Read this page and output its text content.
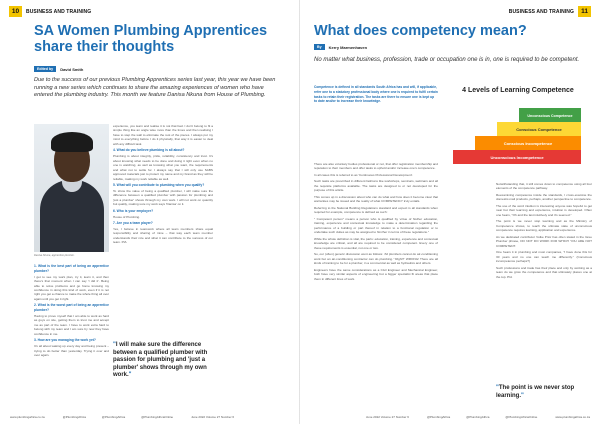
10	BUSINESS AND TRAINING
SA Women Plumbing Apprentices share their thoughts
Edited by	David Smith
Due to the success of our previous Plumbing Apprentices series last year, this year we have been running a new series which continues to share the amazing experiences of women who have entered the plumbing industry. This month we feature Danisa Nkuna from House of Plumbing.
Danisa Nkuna, apprentice plumber.
1. What is the best part of being an apprentice plumber?

I get to see my work plan, try it, learn it, and then there's that moment when I can say 'I did it'. Being able to solve problems and go home knowing my confidence in doing this kind of work, even if it is not right you get a chance to make the whole thing all over again until you get it right.

2. What is the worst part of being an apprentice plumber?

Having to prove myself that I am able to work as hard as guys on site, getting them to trust me and accept me as part of the team. I have to work extra hard to belong with my team and I am sure by now they have confidence in me.

3. How are you managing the work yet?

It's all about waking up every day and being present – trying to do better than yesterday. Trying it over and over again.

experience, you learn and realise it is not that bad. I don't belong to fit a simple thing like an angle wise more than the times and then realising I have to step the wall to eliminate the rest of the pieces. I always put my mind to everything before I do it physically, that way it is easier to deal with any difficult task.

4. What do you believe plumbing is all about?

Plumbing is about integrity, pride, reliability, consistency and trust. It's about knowing what needs to be done and doing it right even when no one is watching, as well as knowing what you want, the requirements and what not to settle for. I always say that I will only use SABS approved materials just to protect my name and my brand as they will be reliable, making my work reliable as well.

5. What will you contribute to plumbing when you qualify?

To show the value of being a qualified plumber, I will make sure the difference between a qualified plumber with passion for plumbing and 'just a plumber' shows through my own work. I will not work on quantity but quality, making sure my work says 'Danisa' on it.

6. Who is your employer?

House of Plumbing.

7. Are you a team player?

Yes, I believe in teamwork where all team members share equal responsibility and sharing of mine – that way each team member understands their role and what it can contribute to the success of our team. PIA

"I will make sure the difference between a qualified plumber with passion for plumbing and 'just a plumber' shows through my own work."
www.plumbingafrica.co.za	@PlumbingAfrica	@PlumbingAfrica	@PlumbingAfricaOnline	June 2022 Volume 27 Number 6
BUSINESS AND TRAINING	11
What does competency mean?
By	Kerry Marmenhaven
No matter what business, profession, trade or occupation one is in, one is required to be competent.
Competence is defined in all standards South Africa has and will, if applicable, refer one to a statutory professional body where one is required to fulfil certain tasks to retain their registration. The tasks are there to ensure one is kept up to date and/or to increase their knowledge.
4 Levels of Learning Competence
Unconscious Incompetence
Conscious Incompetence
Conscious Competence
Unconscious Competence

There are also voluntary bodies professional or not, that offer registration membership and reputation to their members and offer tasks to uphold and/or increase one's competence.

In all cases this is referred to as 'Continuous Professional Development'.

Such tasks are prescribed in different fashions like workshops, seminars, webinars and all the requisite platforms available. The tasks are designed to or not developed for the purpose of this article.

This comes up in a discussion about who can do what and how does it become clear that warranties may be issued and the reality of what COMPETENCY truly entails.

Referring to the National Building Regulations standard and expect is all standards when required for example, competence is defined as such:

" Competent person" means a person who is qualified by virtue of his/her education, training, experience and contextual knowledge to make a determination regarding the performance of a building or part thereof in relation to a functional regulation or to undertake such duties as may be assigned to him/her in terms of these regulations."

While the whole definition is vital, the parts: education, training, experience and contextual knowledge are critical, and all are required to be considered competent. Every one of these requirements is essential, not one or two.

So, our (often) generic discussion went as follows: 'All plumbers cannot do air-conditioning work but an air-conditioning contractor can do plumbing.' 'Right?' WRONG! There are all kinds of training to be for a plumber, in a commercial as well as hydraulics and others.

Engineers have the same considerations as a Civil Engineer and Mechanical Engineer, both have very similar aspects of engineering but a bigger specialist fit areas that place them in different lines of work.

Notwithstanding that, it still comes down to competence using all four elements of the competence pathway.

Reexamining competence inside the standards, I cross-examine the domestic-mail products, perhaps, another perspective to competence.

The use of the word intuition is interesting anyone was hopeful to get near but their learning and experience, intuition is developed. Often one hears, "Oh and the last intuitively and it's seemed."

The point is we never stop learning and as the Ministry of Competence shows, to reach the ultimate state of unconscious competence requires learning, application and experience.

As we dedicated contributor Volke Prior has often stated in the Gree Plumber phrase, DO NOT DO WORK FOR WHICH YOU ARE NOT COMPETENT.

One hears it in plumbing and most companies, "I have done this for 30 years and no one can teach me differently." (Conscious incompetence perhaps?)

Such professions and trade has their place and only by working as a team do we grow the competence and that ultimately places one at the top. PIA

"The point is we never stop learning."
June 2022 Volume 27 Number 6	@PlumbingAfrica	@PlumbingAfrica	@PlumbingAfricaOnline	www.plumbingafrica.co.za
